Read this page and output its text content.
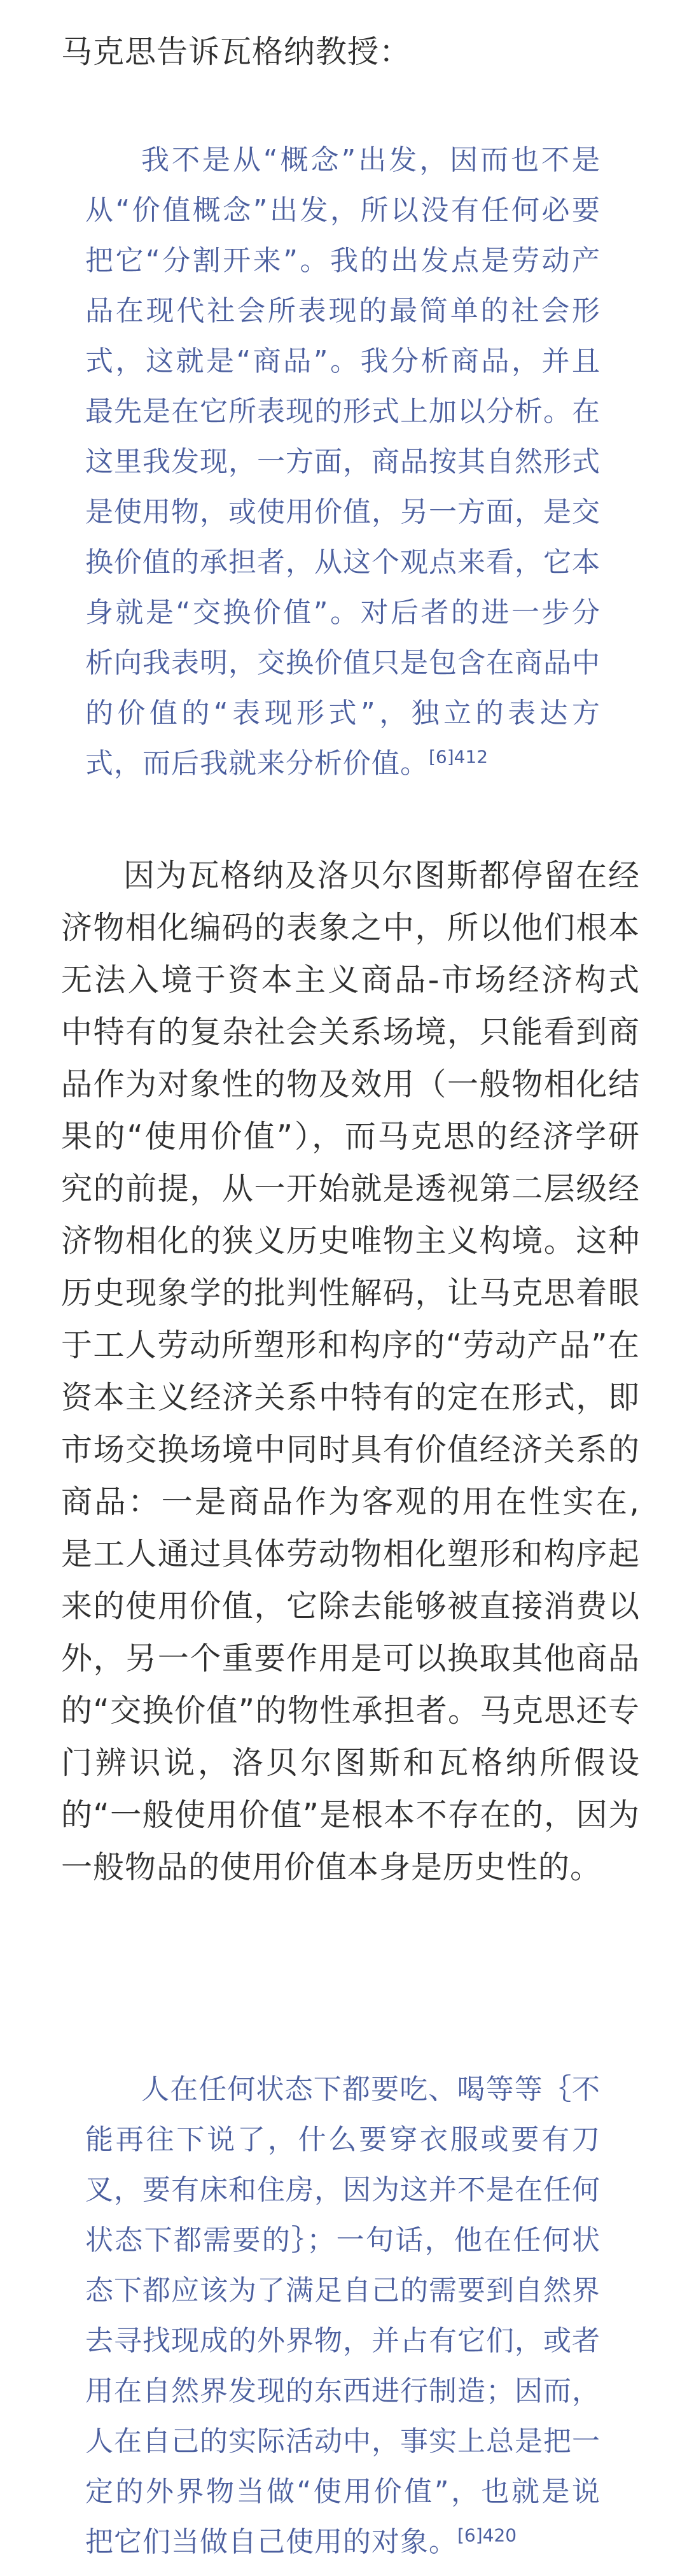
马克思告诉瓦格纳教授：

我不是从“概念”出发，因而也不是从“价值概念”出发，所以没有任何必要把它“分割开来”。我的出发点是劳动产品在现代社会所表现的最简单的社会形式，这就是“商品”。我分析商品，并且最先是在它所表现的形式上加以分析。在这里我发现，一方面，商品按其自然形式是使用物，或使用价值，另一方面，是交换价值的承担者，从这个观点来看，它本身就是“交换价值”。对后者的进一步分析向我表明，交换价值只是包含在商品中的价值的“表现形式”，独立的表达方式，而后我就来分析价值。$^{[6]412}$

因为瓦格纳及洛贝尔图斯都停留在经济物相化编码的表象之中，所以他们根本无法入境于资本主义商品-市场经济构式中特有的复杂社会关系场境，只能看到商品作为对象性的物及效用（一般物相化结果的“使用价值”），而马克思的经济学研究的前提，从一开始就是透视第二层级经济物相化的狭义历史唯物主义构境。这种历史现象学的批判性解码，让马克思着眼于工人劳动所塑形和构序的“劳动产品”在资本主义经济关系中特有的定在形式，即市场交换场境中同时具有价值经济关系的商品：一是商品作为客观的用在性实在,是工人通过具体劳动物相化塑形和构序起来的使用价值，它除去能够被直接消费以外，另一个重要作用是可以换取其他商品的“交换价值”的物性承担者。马克思还专门辨识说，洛贝尔图斯和瓦格纳所假设的“一般使用价值”是根本不存在的，因为一般物品的使用价值本身是历史性的。

人在任何状态下都要吃、喝等等｛不能再往下说了，什么要穿衣服或要有刀叉，要有床和住房，因为这并不是在任何状态下都需要的｝；一句话，他在任何状态下都应该为了满足自己的需要到自然界去寻找现成的外界物，并占有它们，或者用在自然界发现的东西进行制造；因而，人在自己的实际活动中，事实上总是把一定的外界物当做“使用价值”，也就是说把它们当做自己使用的对象。$^{[6]420}$
